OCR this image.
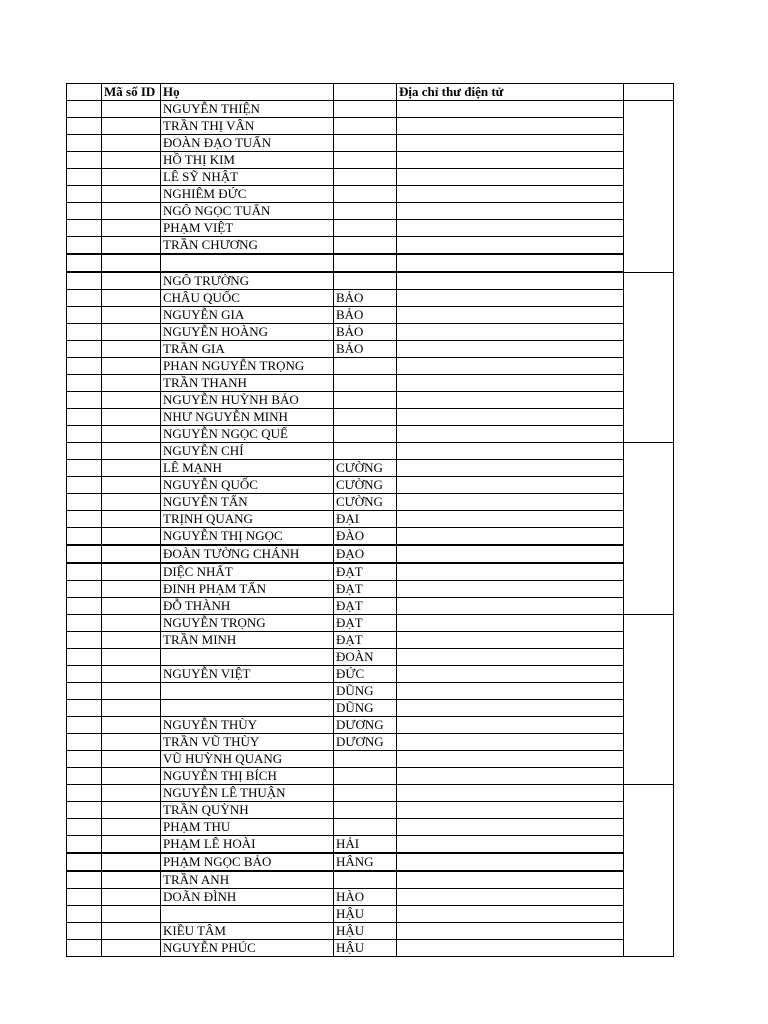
	Mã số ID	Họ		Địa chỉ thư điện tử	
		NGUYỄN THIỆN			
		TRẦN THỊ VÂN			
		ĐOÀN ĐẠO TUẤN			
		HỒ THỊ KIM			
		LÊ SỸ NHẬT			
		NGHIÊM ĐỨC			
		NGÔ NGỌC TUẤN			
		PHẠM VIỆT			
		TRẦN CHƯƠNG			

		NGÔ TRƯỜNG			
		CHÂU QUỐC	BẢO		
		NGUYỄN GIA	BẢO		
		NGUYỄN HOÀNG	BẢO		
		TRẦN GIA	BẢO		
		PHAN NGUYỄN TRỌNG			
		TRẦN THANH			
		NGUYỄN HUỲNH BẢO			
		NHƯ NGUYỄN MINH			
		NGUYỄN NGỌC QUẾ			
		NGUYỄN CHÍ			
		LÊ MẠNH	CƯỜNG		
		NGUYỄN QUỐC	CƯỜNG		
		NGUYỄN TẤN	CƯỜNG		
		TRỊNH QUANG	ĐẠI		
		NGUYỄN THỊ NGỌC	ĐÀO		
		ĐOÀN TƯỜNG CHÁNH	ĐẠO		
		DIỆC NHẤT	ĐẠT		
		ĐINH PHẠM TẤN	ĐẠT		
		ĐỖ THÀNH	ĐẠT		
		NGUYỄN TRỌNG	ĐẠT		
		TRẦN MINH	ĐẠT		
			ĐOÀN		
		NGUYỄN VIỆT	ĐỨC		
			DŨNG		
			DŨNG		
		NGUYỄN THÙY	DƯƠNG		
		TRẦN VŨ THÙY	DƯƠNG		
		VŨ HUỲNH QUANG			
		NGUYỄN THỊ BÍCH			
		NGUYỄN LÊ THUẬN			
		TRẦN QUỲNH			
		PHẠM THU			
		PHẠM LÊ HOÀI	HẢI		
		PHẠM NGỌC BẢO	HÂNG		
		TRẦN ANH			
		DOÃN ĐÌNH	HÀO		
			HẬU		
		KIỀU TÂM	HẬU		
		NGUYỄN PHÚC	HẬU		
